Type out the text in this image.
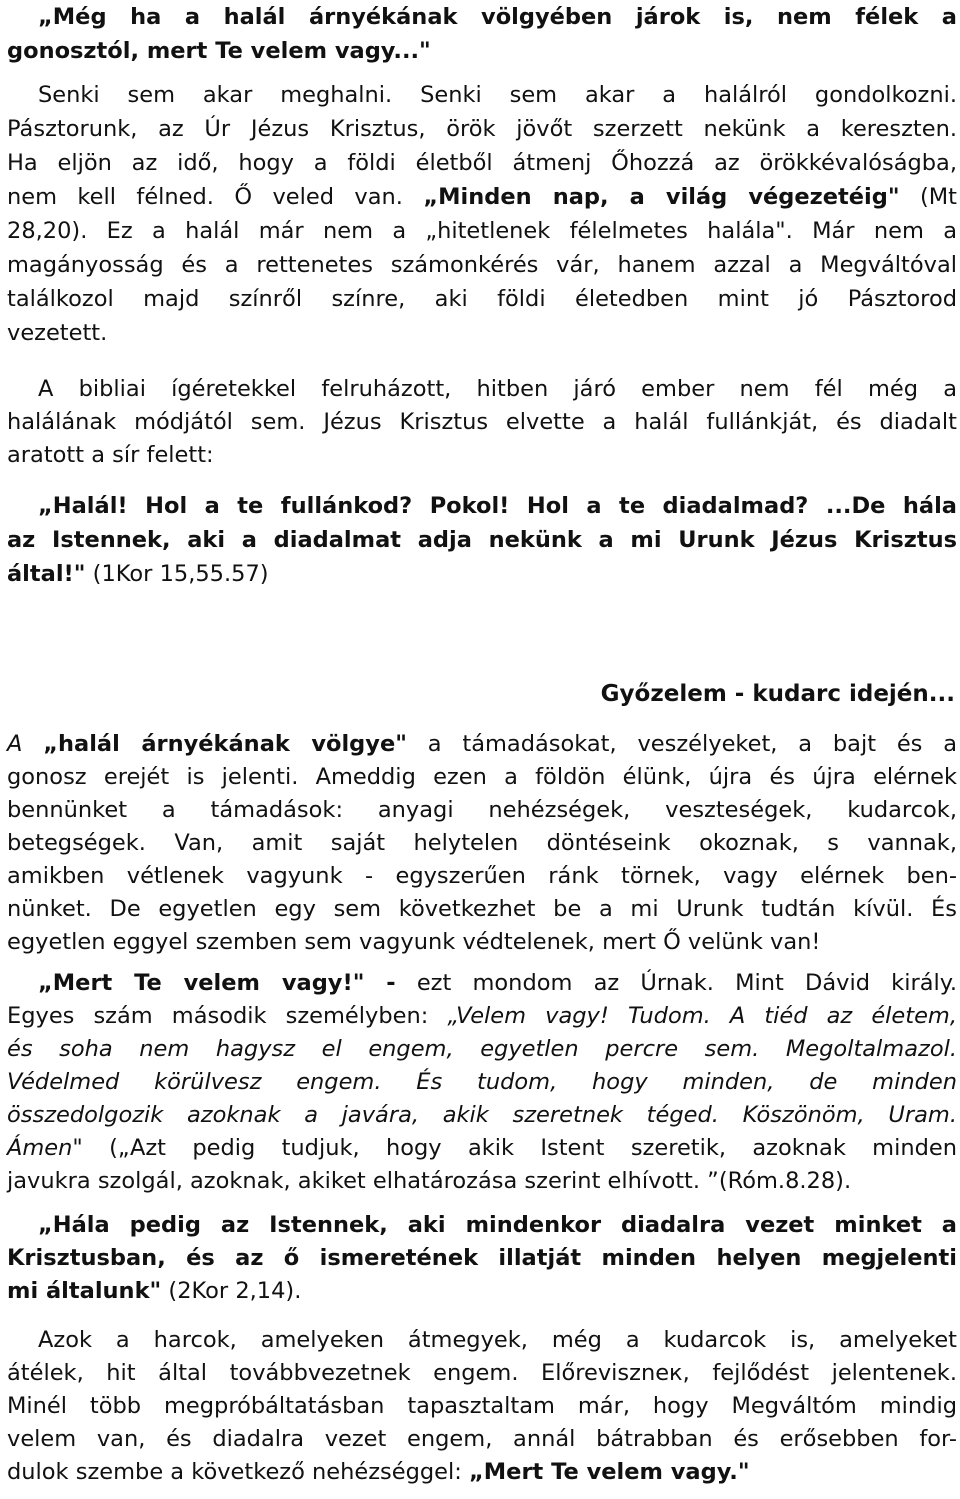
„Még ha a halál árnyékának völgyében járok is, nem félek a
gonosztól, mert Te velem vagy..."
Senki sem akar meghalni. Senki sem akar a halálról gondolkozni.
Pásztorunk, az Úr Jézus Krisztus, örök jövőt szerzett nekünk a kereszten.
Ha eljön az idő, hogy a földi életből átmenj Őhozzá az örökkévalóságba,
nem kell félned. Ő veled van. „Minden nap, a világ végezetéig" (Mt
28,20). Ez a halál már nem a „hitetlenek félelmetes halála". Már nem a
magányosság és a rettenetes számonkérés vár, hanem azzal a Megváltóval
találkozol majd színről színre, aki földi életedben mint jó Pásztorod
vezetett.
A bibliai ígéretekkel felruházott, hitben járó ember nem fél még a
halálának módjától sem. Jézus Krisztus elvette a halál fullánkját, és diadalt
aratott a sír felett:
„Halál! Hol a te fullánkod? Pokol! Hol a te diadalmad? ...De hála
az Istennek, aki a diadalmat adja nekünk a mi Urunk Jézus Krisztus
által!" (1Kor 15,55.57)
Győzelem - kudarc idején...
A „halál árnyékának völgye" a támadásokat, veszélyeket, a bajt és a
gonosz erejét is jelenti. Ameddig ezen a földön élünk, újra és újra elérnek
bennünket a támadások: anyagi nehézségek, veszteségek, kudarcok,
betegségek. Van, amit saját helytelen döntéseink okoznak, s vannak,
amikben vétlenek vagyunk - egyszerűen ránk törnek, vagy elérnek ben-
nünket. De egyetlen egy sem következhet be a mi Urunk tudtán kívül. És
egyetlen eggyel szemben sem vagyunk védtelenek, mert Ő velünk van!
„Mert Te velem vagy!" - ezt mondom az Úrnak. Mint Dávid király.
Egyes szám második személyben: „Velem vagy! Tudom. A tiéd az életem,
és soha nem hagysz el engem, egyetlen percre sem. Megoltalmazol.
Védelmed körülvesz engem. És tudom, hogy minden, de minden
összedolgozik azoknak a javára, akik szeretnek téged. Köszönöm, Uram.
Ámen" („Azt pedig tudjuk, hogy akik Istent szeretik, azoknak minden
javukra szolgál, azoknak, akiket elhatározása szerint elhívott. ”(Róm.8.28).
„Hála pedig az Istennek, aki mindenkor diadalra vezet minket a
Krisztusban, és az ő ismeretének illatját minden helyen megjelenti
mi általunk" (2Kor 2,14).
Azok a harcok, amelyeken átmegyek, még a kudarcok is, amelyeket
átélek, hit által továbbvezetnek engem. Előreviszneк, fejlődést jelentenek.
Minél több megpróbáltatásban tapasztaltam már, hogy Megváltóm mindig
velem van, és diadalra vezet engem, annál bátrabban és erősebben for-
dulok szembe a következő nehézséggel: „Mert Te velem vagy."
